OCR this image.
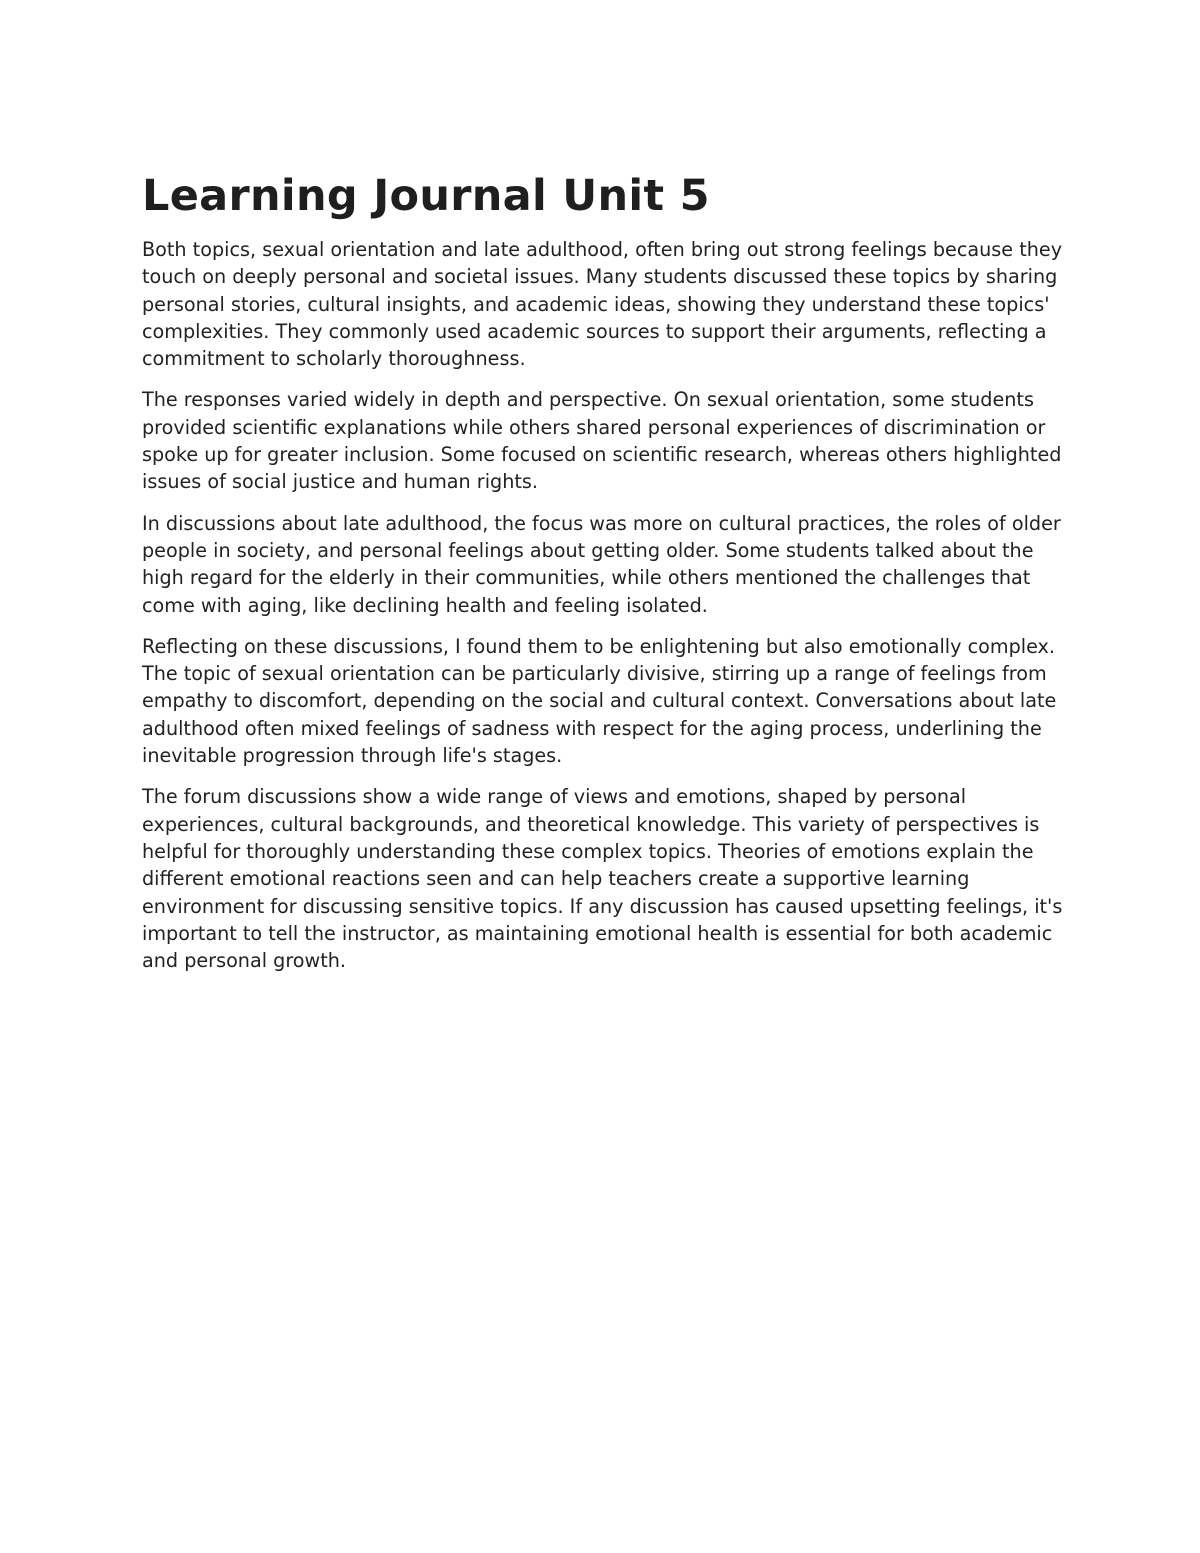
Learning Journal Unit 5

Both topics, sexual orientation and late adulthood, often bring out strong feelings because they touch on deeply personal and societal issues. Many students discussed these topics by sharing personal stories, cultural insights, and academic ideas, showing they understand these topics' complexities. They commonly used academic sources to support their arguments, reflecting a commitment to scholarly thoroughness.

The responses varied widely in depth and perspective. On sexual orientation, some students provided scientific explanations while others shared personal experiences of discrimination or spoke up for greater inclusion. Some focused on scientific research, whereas others highlighted issues of social justice and human rights.

In discussions about late adulthood, the focus was more on cultural practices, the roles of older people in society, and personal feelings about getting older. Some students talked about the high regard for the elderly in their communities, while others mentioned the challenges that come with aging, like declining health and feeling isolated.

Reflecting on these discussions, I found them to be enlightening but also emotionally complex. The topic of sexual orientation can be particularly divisive, stirring up a range of feelings from empathy to discomfort, depending on the social and cultural context. Conversations about late adulthood often mixed feelings of sadness with respect for the aging process, underlining the inevitable progression through life's stages.

The forum discussions show a wide range of views and emotions, shaped by personal experiences, cultural backgrounds, and theoretical knowledge. This variety of perspectives is helpful for thoroughly understanding these complex topics. Theories of emotions explain the different emotional reactions seen and can help teachers create a supportive learning environment for discussing sensitive topics. If any discussion has caused upsetting feelings, it's important to tell the instructor, as maintaining emotional health is essential for both academic and personal growth.
